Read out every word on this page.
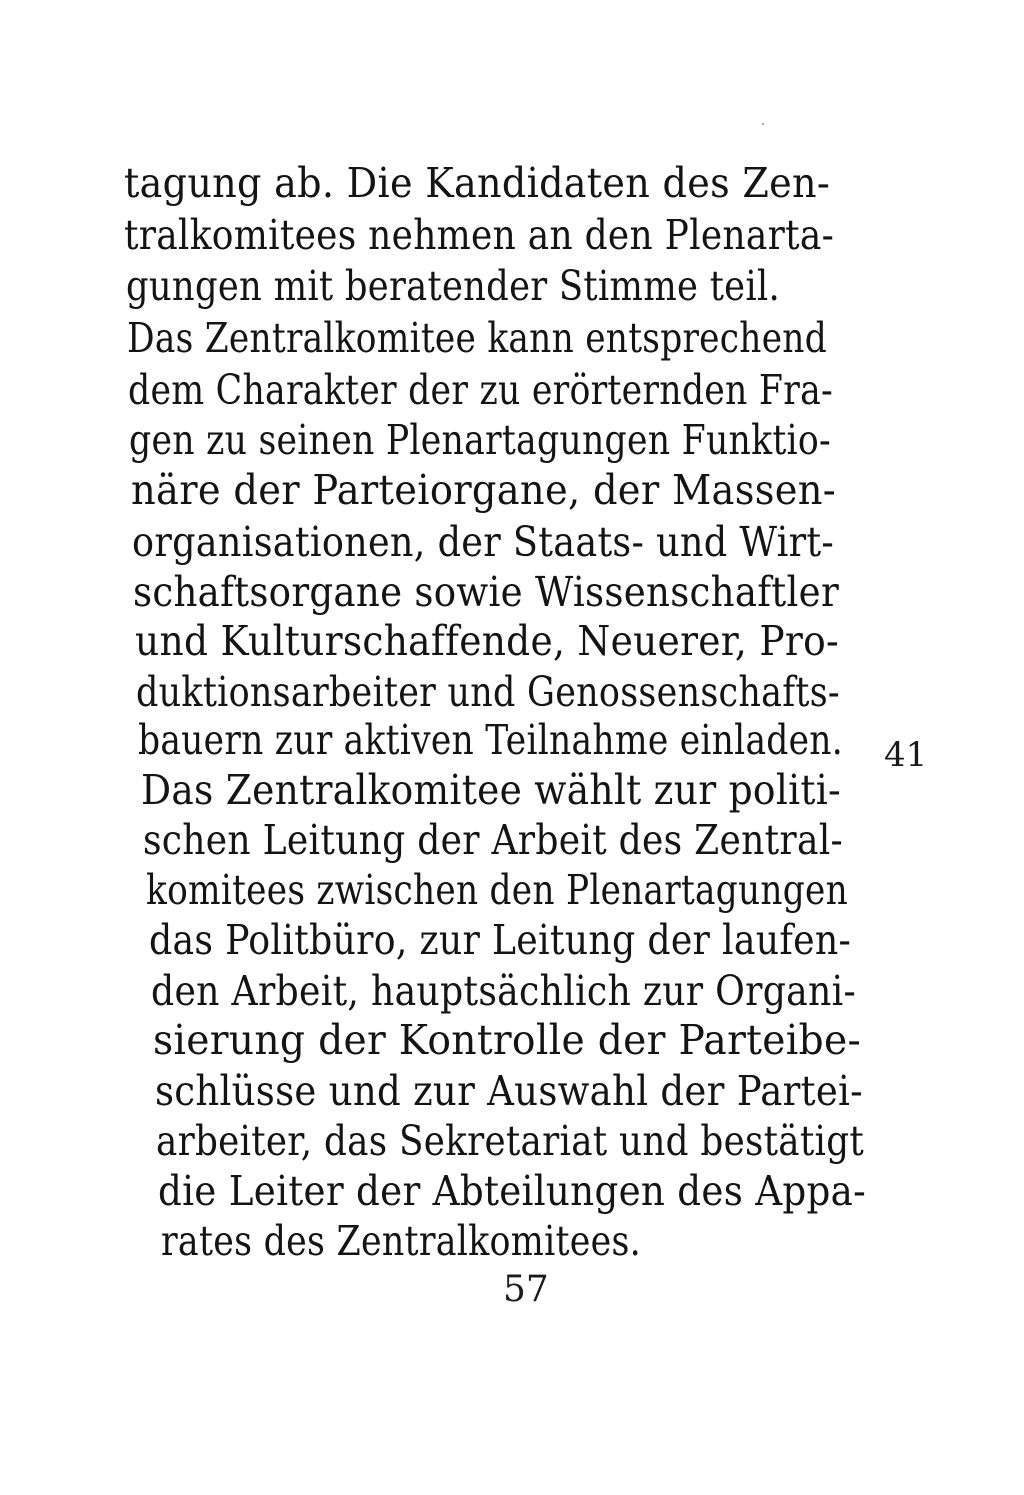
tagung ab. Die Kandidaten des Zen-
tralkomitees nehmen an den Plenarta-
gungen mit beratender Stimme teil.
Das Zentralkomitee kann entsprechend
dem Charakter der zu erörternden Fra-
gen zu seinen Plenartagungen Funktio-
näre der Parteiorgane, der Massen-
organisationen, der Staats- und Wirt-
schaftsorgane sowie Wissenschaftler
und Kulturschaffende, Neuerer, Pro-
duktionsarbeiter und Genossenschafts-
bauern zur aktiven Teilnahme einladen.
Das Zentralkomitee wählt zur politi-
schen Leitung der Arbeit des Zentral-
komitees zwischen den Plenartagungen
das Politbüro, zur Leitung der laufen-
den Arbeit, hauptsächlich zur Organi-
sierung der Kontrolle der Parteibe-
schlüsse und zur Auswahl der Partei-
arbeiter, das Sekretariat und bestätigt
die Leiter der Abteilungen des Appa-
rates des Zentralkomitees.
41
57
